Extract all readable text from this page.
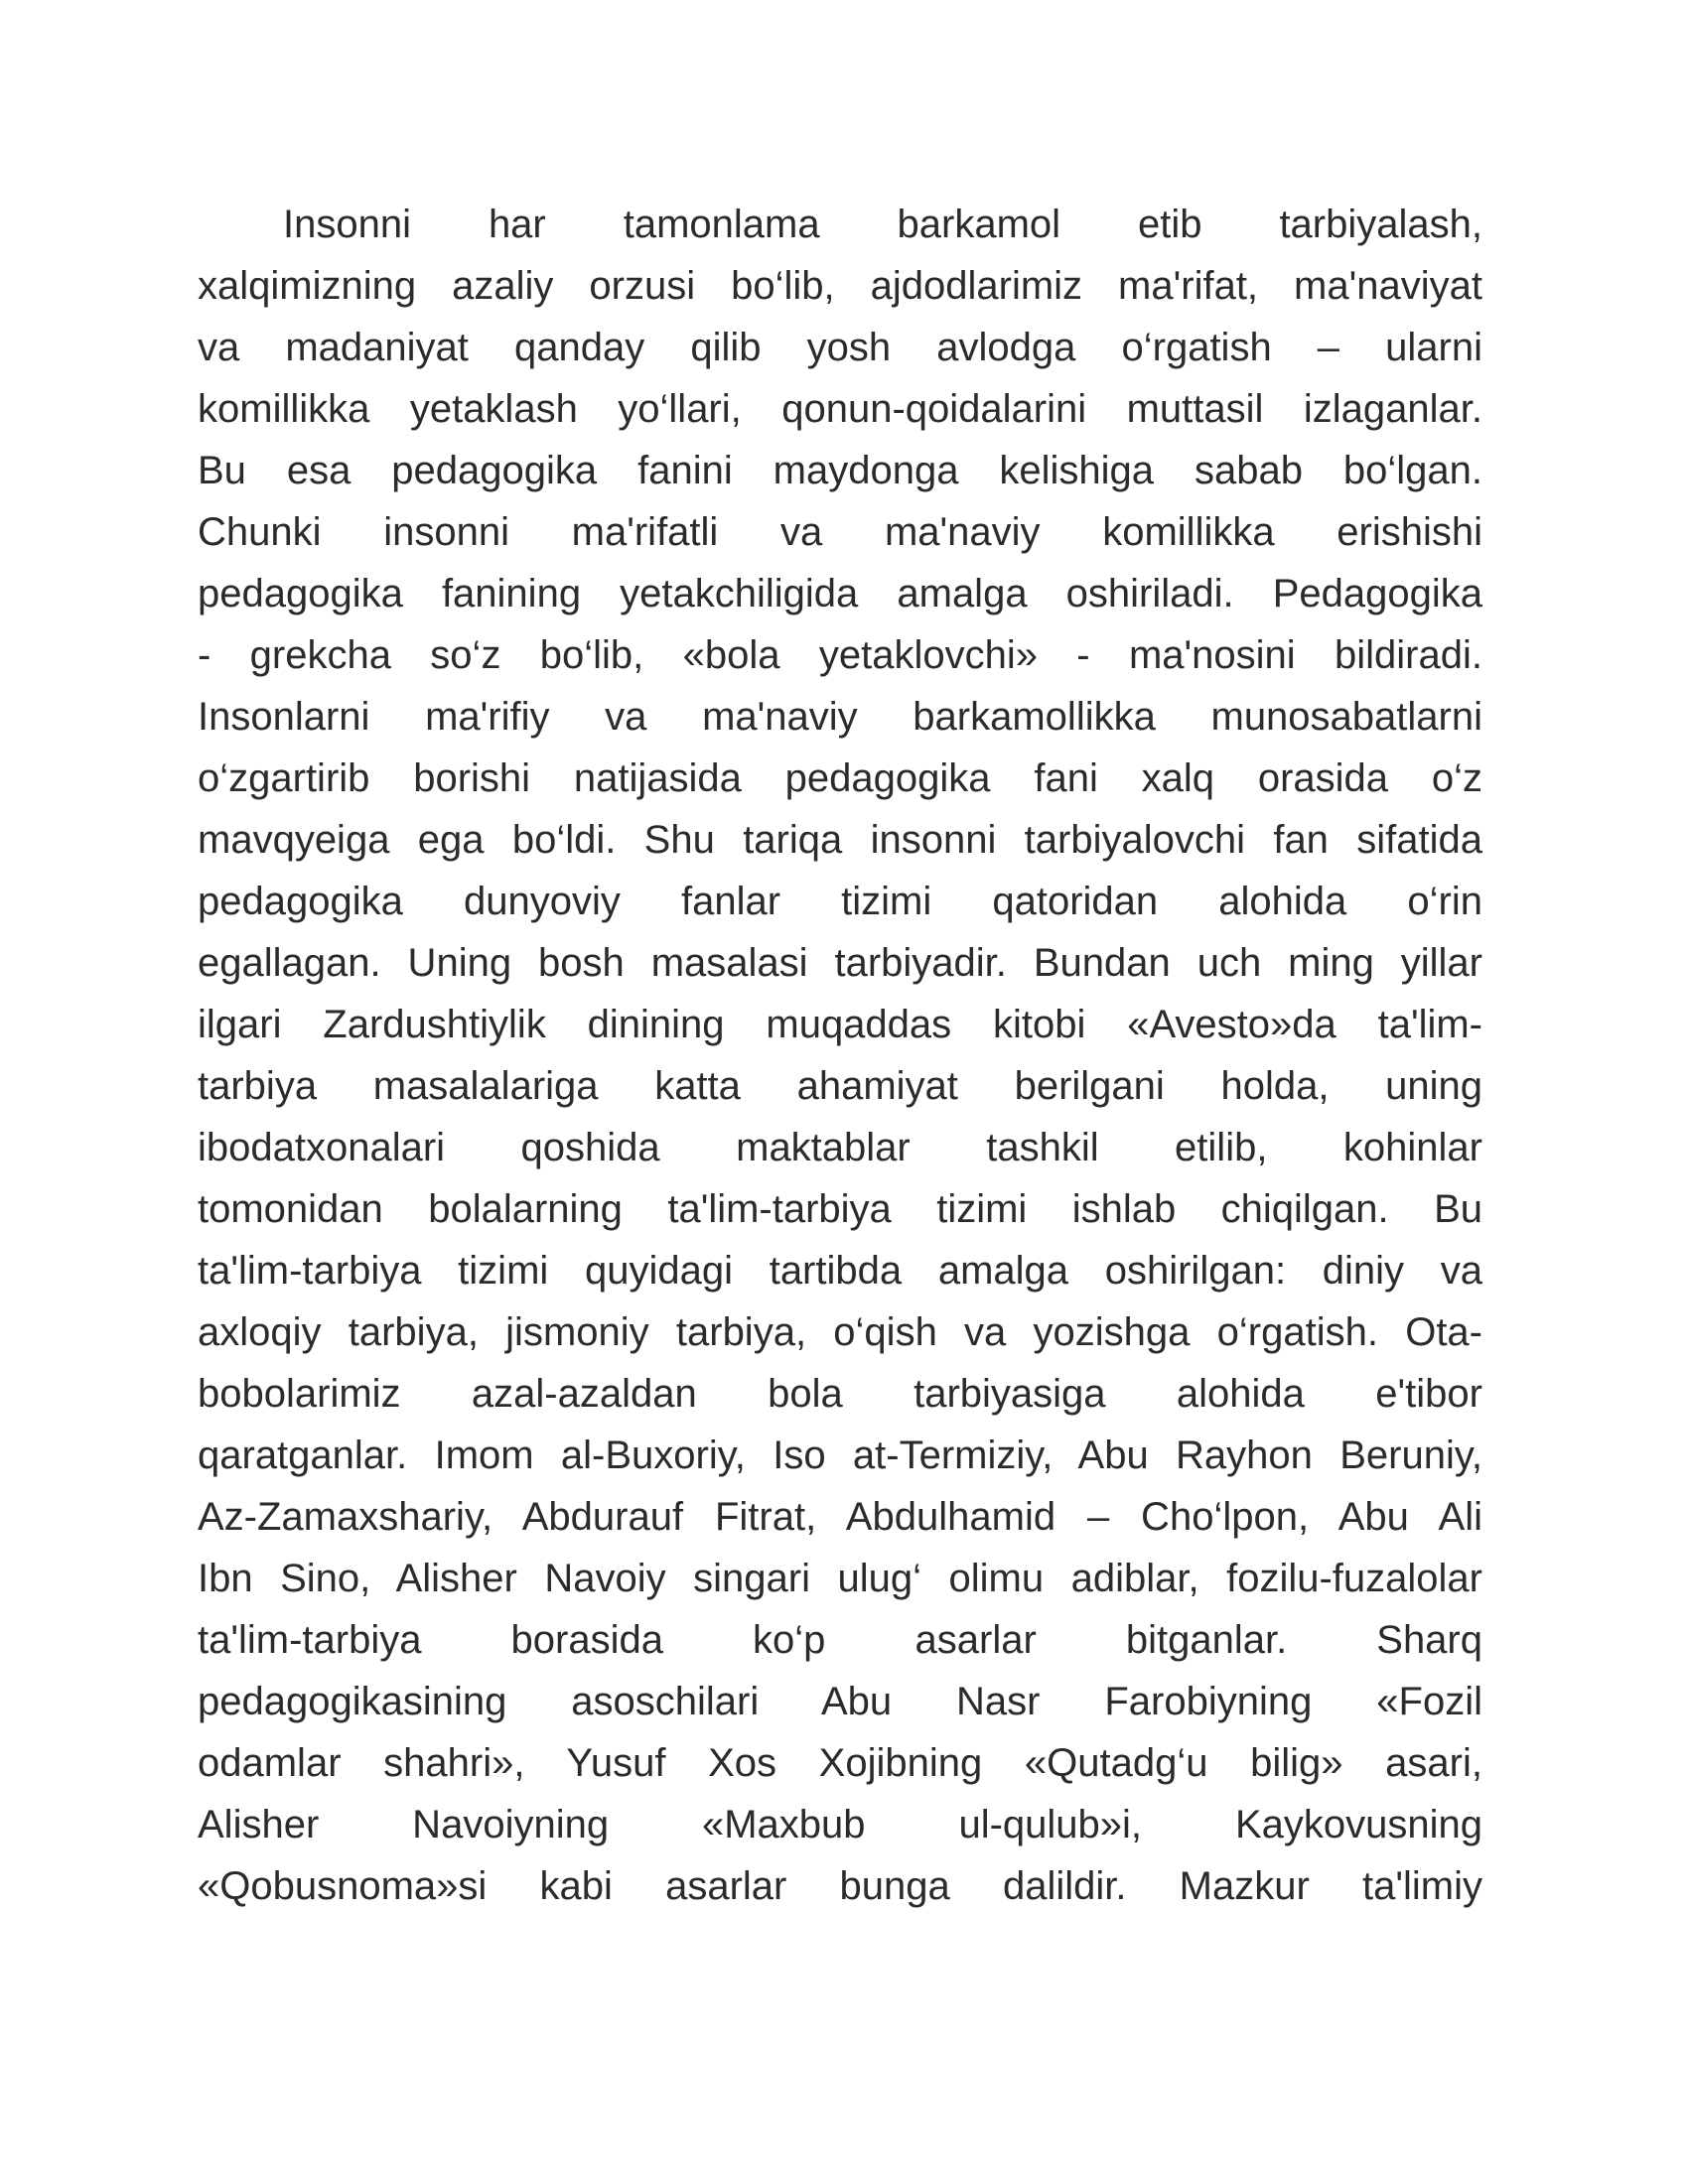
Insonni har tamonlama barkamol etib tarbiyalash,
xalqimizning azaliy orzusi bo‘lib, ajdodlarimiz ma'rifat, ma'naviyat
va madaniyat qanday qilib yosh avlodga o‘rgatish – ularni
komillikka yetaklash yo‘llari, qonun-qoidalarini muttasil izlaganlar.
Bu esa pedagogika fanini maydonga kelishiga sabab bo‘lgan.
Chunki insonni ma'rifatli va ma'naviy komillikka erishishi
pedagogika fanining yetakchiligida amalga oshiriladi. Pedagogika
- grekcha so‘z bo‘lib, «bola yetaklovchi» - ma'nosini bildiradi.
Insonlarni ma'rifiy va ma'naviy barkamollikka munosabatlarni
o‘zgartirib borishi natijasida pedagogika fani xalq orasida o‘z
mavqyeiga ega bo‘ldi. Shu tariqa insonni tarbiyalovchi fan sifatida
pedagogika dunyoviy fanlar tizimi qatoridan alohida o‘rin
egallagan. Uning bosh masalasi tarbiyadir. Bundan uch ming yillar
ilgari Zardushtiylik dinining muqaddas kitobi «Avesto»da ta'lim-
tarbiya masalalariga katta ahamiyat berilgani holda, uning
ibodatxonalari qoshida maktablar tashkil etilib, kohinlar
tomonidan bolalarning ta'lim-tarbiya tizimi ishlab chiqilgan. Bu
ta'lim-tarbiya tizimi quyidagi tartibda amalga oshirilgan: diniy va
axloqiy tarbiya, jismoniy tarbiya, o‘qish va yozishga o‘rgatish. Ota-
bobolarimiz azal-azaldan bola tarbiyasiga alohida e'tibor
qaratganlar. Imom al-Buxoriy, Iso at-Termiziy, Abu Rayhon Beruniy,
Az-Zamaxshariy, Abdurauf Fitrat, Abdulhamid – Cho‘lpon, Abu Ali
Ibn Sino, Alisher Navoiy singari ulug‘ olimu adiblar, fozilu-fuzalolar
ta'lim-tarbiya borasida ko‘p asarlar bitganlar. Sharq
pedagogikasining asoschilari Abu Nasr Farobiyning «Fozil
odamlar shahri», Yusuf Xos Xojibning «Qutadg‘u bilig» asari,
Alisher Navoiyning «Maxbub ul-qulub»i, Kaykovusning
«Qobusnoma»si kabi asarlar bunga dalildir. Mazkur ta'limiy
